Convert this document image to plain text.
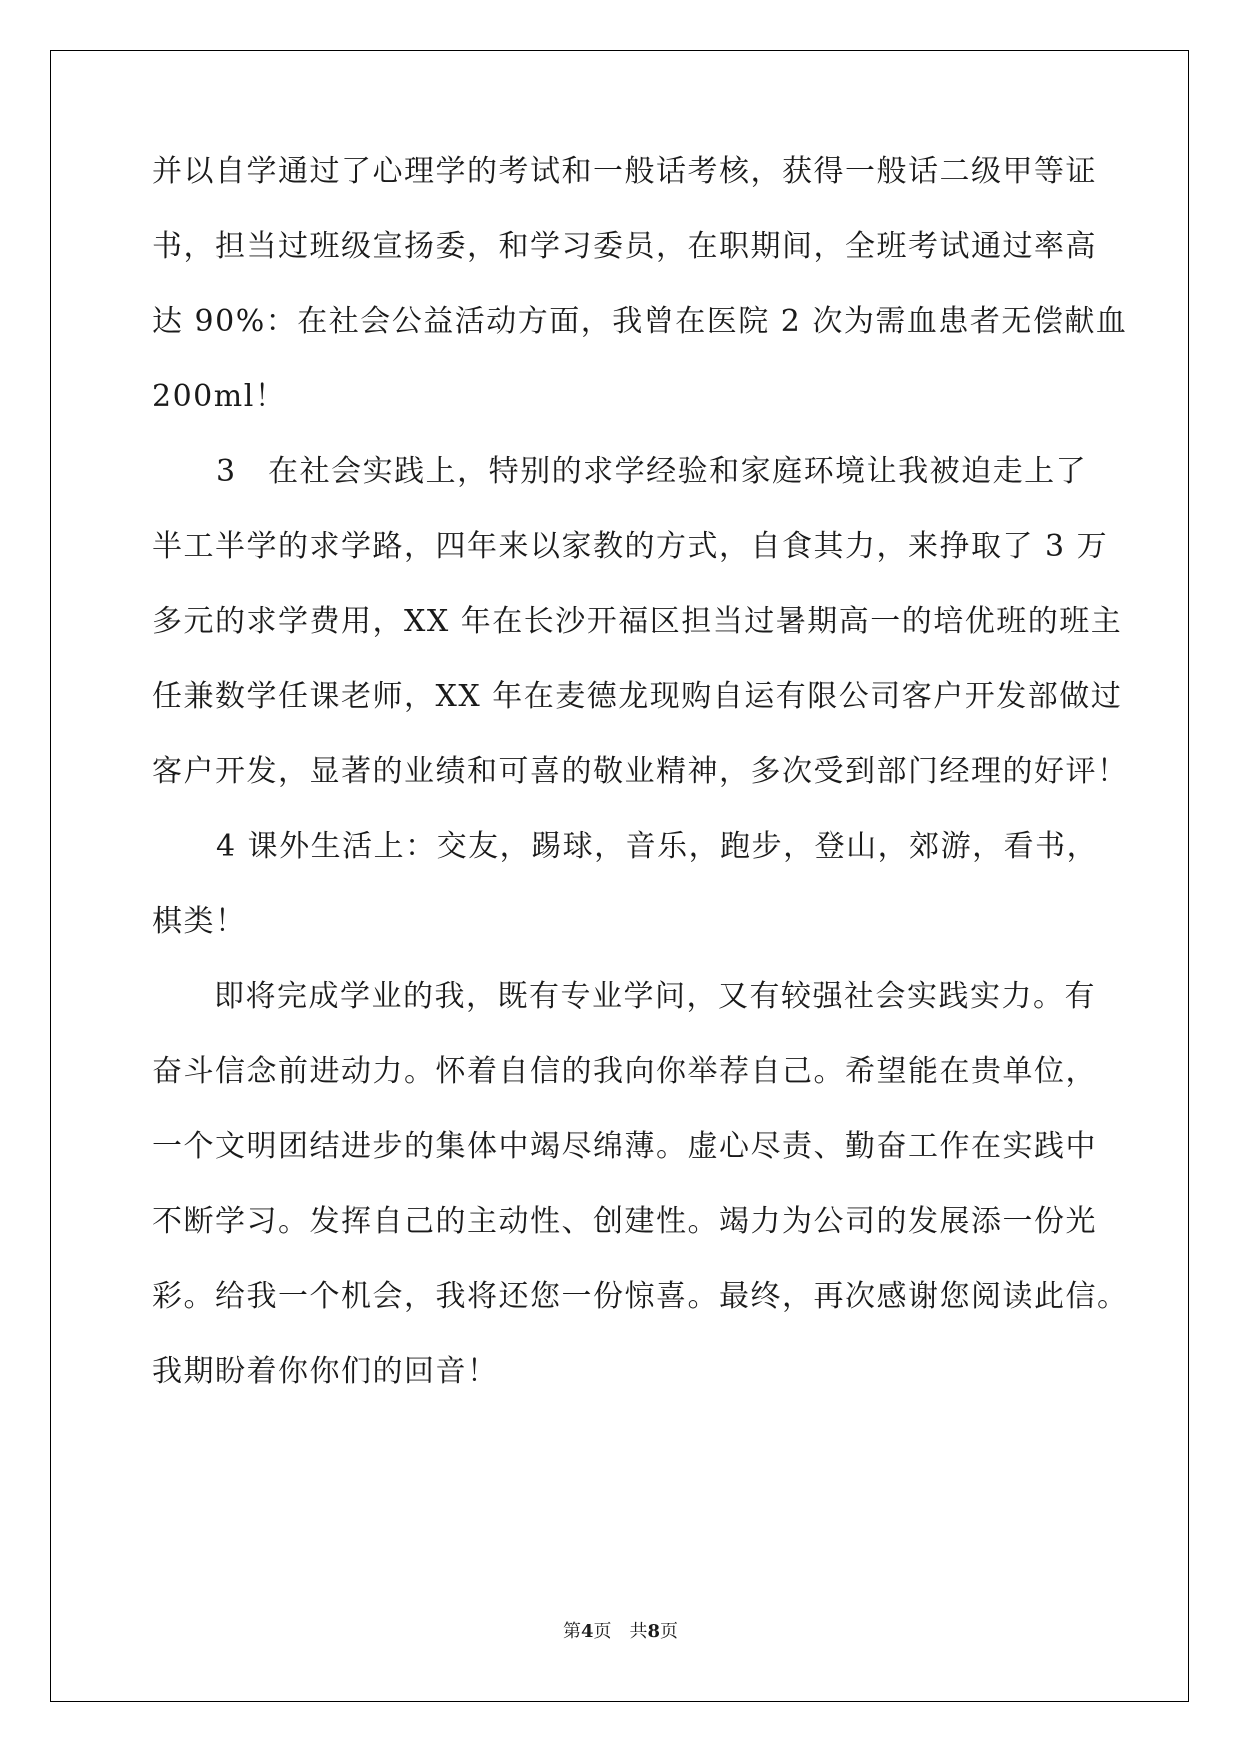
并以自学通过了心理学的考试和一般话考核，获得一般话二级甲等证
书，担当过班级宣扬委，和学习委员，在职期间，全班考试通过率高
达 90%：在社会公益活动方面，我曾在医院 2 次为需血患者无偿献血
200ml！
3　在社会实践上，特别的求学经验和家庭环境让我被迫走上了
半工半学的求学路，四年来以家教的方式，自食其力，来挣取了 3 万
多元的求学费用，XX 年在长沙开福区担当过暑期高一的培优班的班主
任兼数学任课老师，XX 年在麦德龙现购自运有限公司客户开发部做过
客户开发，显著的业绩和可喜的敬业精神，多次受到部门经理的好评！
4 课外生活上：交友，踢球，音乐，跑步，登山，郊游，看书，
棋类！
即将完成学业的我，既有专业学问，又有较强社会实践实力。有
奋斗信念前进动力。怀着自信的我向你举荐自己。希望能在贵单位，
一个文明团结进步的集体中竭尽绵薄。虚心尽责、勤奋工作在实践中
不断学习。发挥自己的主动性、创建性。竭力为公司的发展添一份光
彩。给我一个机会，我将还您一份惊喜。最终，再次感谢您阅读此信。
我期盼着你你们的回音！
第4页　共8页
